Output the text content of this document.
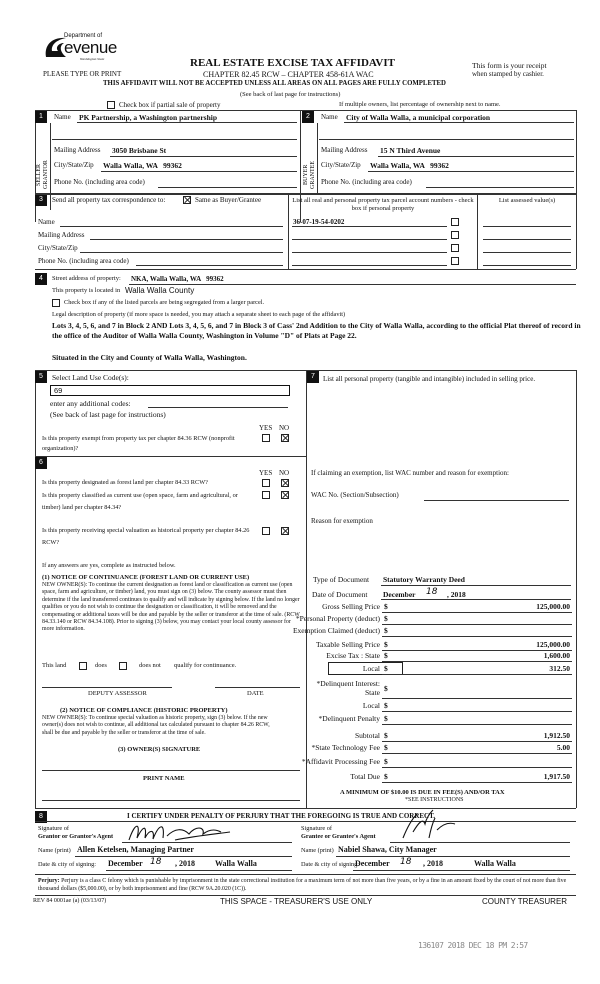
Department of
evenue
Washington State
PLEASE TYPE OR PRINT
REAL ESTATE EXCISE TAX AFFIDAVIT
CHAPTER 82.45 RCW – CHAPTER 458-61A WAC
THIS AFFIDAVIT WILL NOT BE ACCEPTED UNLESS ALL AREAS ON ALL PAGES ARE FULLY COMPLETED
(See back of last page for instructions)
This form is your receipt
when stamped by cashier.
Check box if partial sale of property	If multiple owners, list percentage of ownership next to name.
1
SELLER GRANTOR
Name PK Partnership, a Washington partnership
Mailing Address 3050 Brisbane St
City/State/Zip Walla Walla, WA   99362
Phone No. (including area code)
2
BUYER GRANTEE
Name City of Walla Walla, a municipal corporation
Mailing Address 15 N Third Avenue
City/State/Zip Walla Walla, WA   99362
Phone No. (including area code)
3	Send all property tax correspondence to:	Same as Buyer/Grantee
Name
Mailing Address
City/State/Zip
Phone No. (including area code)
List all real and personal property tax parcel account numbers - check box if personal property
List assessed value(s)
36-07-19-54-0202
4	Street address of property: NKA, Walla Walla, WA   99362
This property is located in Walla Walla County
Check box if any of the listed parcels are being segregated from a larger parcel.
Legal description of property (if more space is needed, you may attach a separate sheet to each page of the affidavit)
Lots 3, 4, 5, 6, and 7 in Block 2 AND Lots 3, 4, 5, 6, and 7 in Block 3 of Cass' 2nd Addition to the City of Walla Walla, according to the official Plat thereof of record in the office of the Auditor of Walla Walla County, Washington in Volume "D" of Plats at Page 22.
Situated in the City and County of Walla Walla, Washington.
5	Select Land Use Code(s):
69
enter any additional codes:
(See back of last page for instructions)
YES NO
Is this property exempt from property tax per chapter 84.36 RCW (nonprofit organization)?
6
YES NO
Is this property designated as forest land per chapter 84.33 RCW?
Is this property classified as current use (open space, farm and agricultural, or timber) land per chapter 84.34?
Is this property receiving special valuation as historical property per chapter 84.26 RCW?
If any answers are yes, complete as instructed below.
(1) NOTICE OF CONTINUANCE (FOREST LAND OR CURRENT USE)
NEW OWNER(S): To continue the current designation as forest land or classification as current use (open space, farm and agriculture, or timber) land, you must sign on (3) below. The county assessor must then determine if the land transferred continues to qualify and will indicate by signing below. If the land no longer qualifies or you do not wish to continue the designation or classification, it will be removed and the compensating or additional taxes will be due and payable by the seller or transferor at the time of sale. (RCW 84.33.140 or RCW 84.34.108). Prior to signing (3) below, you may contact your local county assessor for more information.
This land	does	does not qualify for continuance.
DEPUTY ASSESSOR	DATE
(2) NOTICE OF COMPLIANCE (HISTORIC PROPERTY)
NEW OWNER(S): To continue special valuation as historic property, sign (3) below. If the new owner(s) does not wish to continue, all additional tax calculated pursuant to chapter 84.26 RCW, shall be due and payable by the seller or transferor at the time of sale.
(3) OWNER(S) SIGNATURE
PRINT NAME
7	List all personal property (tangible and intangible) included in selling price.
If claiming an exemption, list WAC number and reason for exemption:
WAC No. (Section/Subsection)
Reason for exemption
Type of Document Statutory Warranty Deed
Date of Document December 18 , 2018
Gross Selling Price $	125,000.00
*Personal Property (deduct) $
Exemption Claimed (deduct) $
Taxable Selling Price $	125,000.00
Excise Tax : State $	1,600.00
Local $	312.50
*Delinquent Interest: State $
Local $
*Delinquent Penalty $
Subtotal $	1,912.50
*State Technology Fee $	5.00
*Affidavit Processing Fee $
Total Due $	1,917.50
A MINIMUM OF $10.00 IS DUE IN FEE(S) AND/OR TAX
*SEE INSTRUCTIONS
8	I CERTIFY UNDER PENALTY OF PERJURY THAT THE FOREGOING IS TRUE AND CORRECT.
Signature of
Grantor or Grantor's Agent
Signature of
Grantee or Grantee's Agent
Name (print) Allen Ketelsen, Managing Partner	Name (print) Nabiel Shawa, City Manager
Date & city of signing: December 18 , 2018	Walla Walla	Date & city of signing:
December 18 , 2018	Walla Walla
Perjury: Perjury is a class C felony which is punishable by imprisonment in the state correctional institution for a maximum term of not more than five years, or by a fine in an amount fixed by the court of not more than five thousand dollars ($5,000.00), or by both imprisonment and fine (RCW 9A.20.020 (1C)).
REV 84 0001ae (a) (03/13/07)	THIS SPACE - TREASURER'S USE ONLY	COUNTY TREASURER
136107 2018 DEC 18 PM 2:57
